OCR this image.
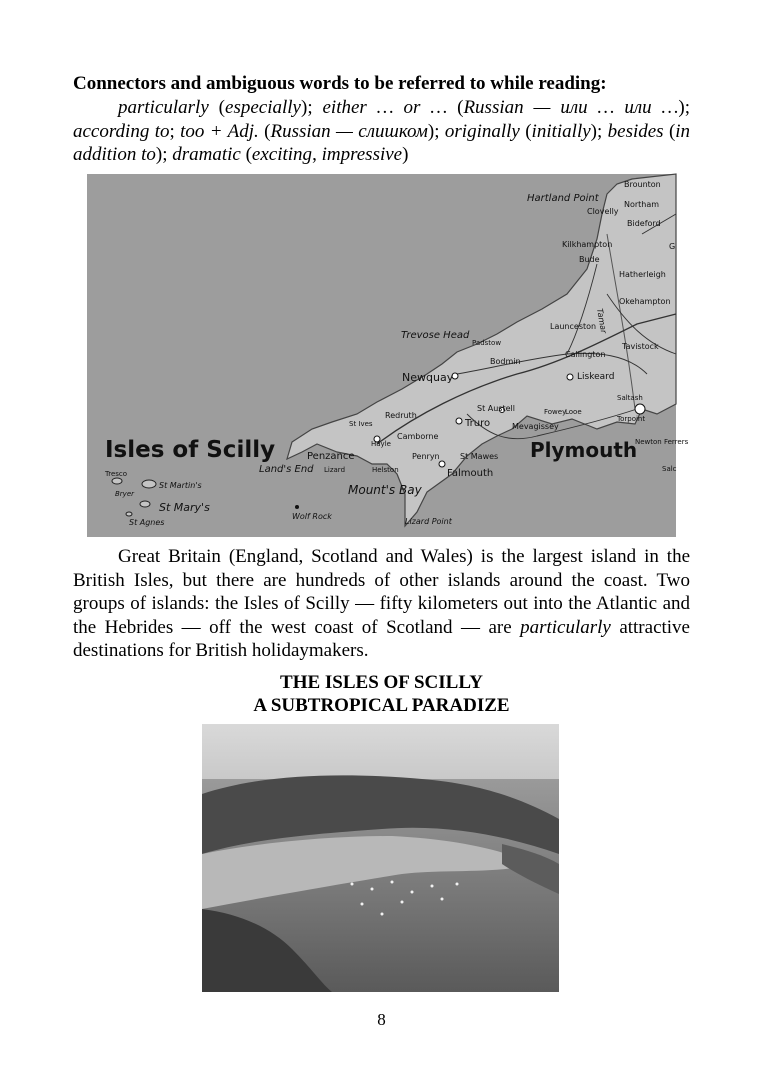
Connectors and ambiguous words to be referred to while reading:

particularly (especially); either … or … (Russian — или … или …); according to; too + Adj. (Russian — слишком); originally (initially); besides (in addition to); dramatic (exciting, impressive)

Isles of Scilly
Hartland Point
Brounton
Northam
Clovelly
Bideford
G
Kilkhampton
Bude
Hatherleigh
Okehampton
Tamar
Launceston
Tavistock
Trevose Head
Padstow
Bodmin
Callington
Liskeard
Newquay
St Austell	Fowey
Looe
Saltash
Torpoint
Mevagissey
Redruth
St Ives
Hayle
Camborne
Truro
St Mawes
Penryn
Falmouth
Plymouth
Newton Ferrers
Salc
Penzance
Land's End Lizard	Helston
Mount's Bay
Wolf Rock
Lizard Point
Tresco
Bryer
St Martin's
St Mary's
St Agnes

Great Britain (England, Scotland and Wales) is the largest island in the British Isles, but there are hundreds of other islands around the coast. Two groups of islands: the Isles of Scilly — fifty kilometers out into the Atlantic and the Hebrides — off the west coast of Scotland — are particularly attractive destinations for British holidaymakers.

THE ISLES OF SCILLY
A SUBTROPICAL PARADIZE
8
